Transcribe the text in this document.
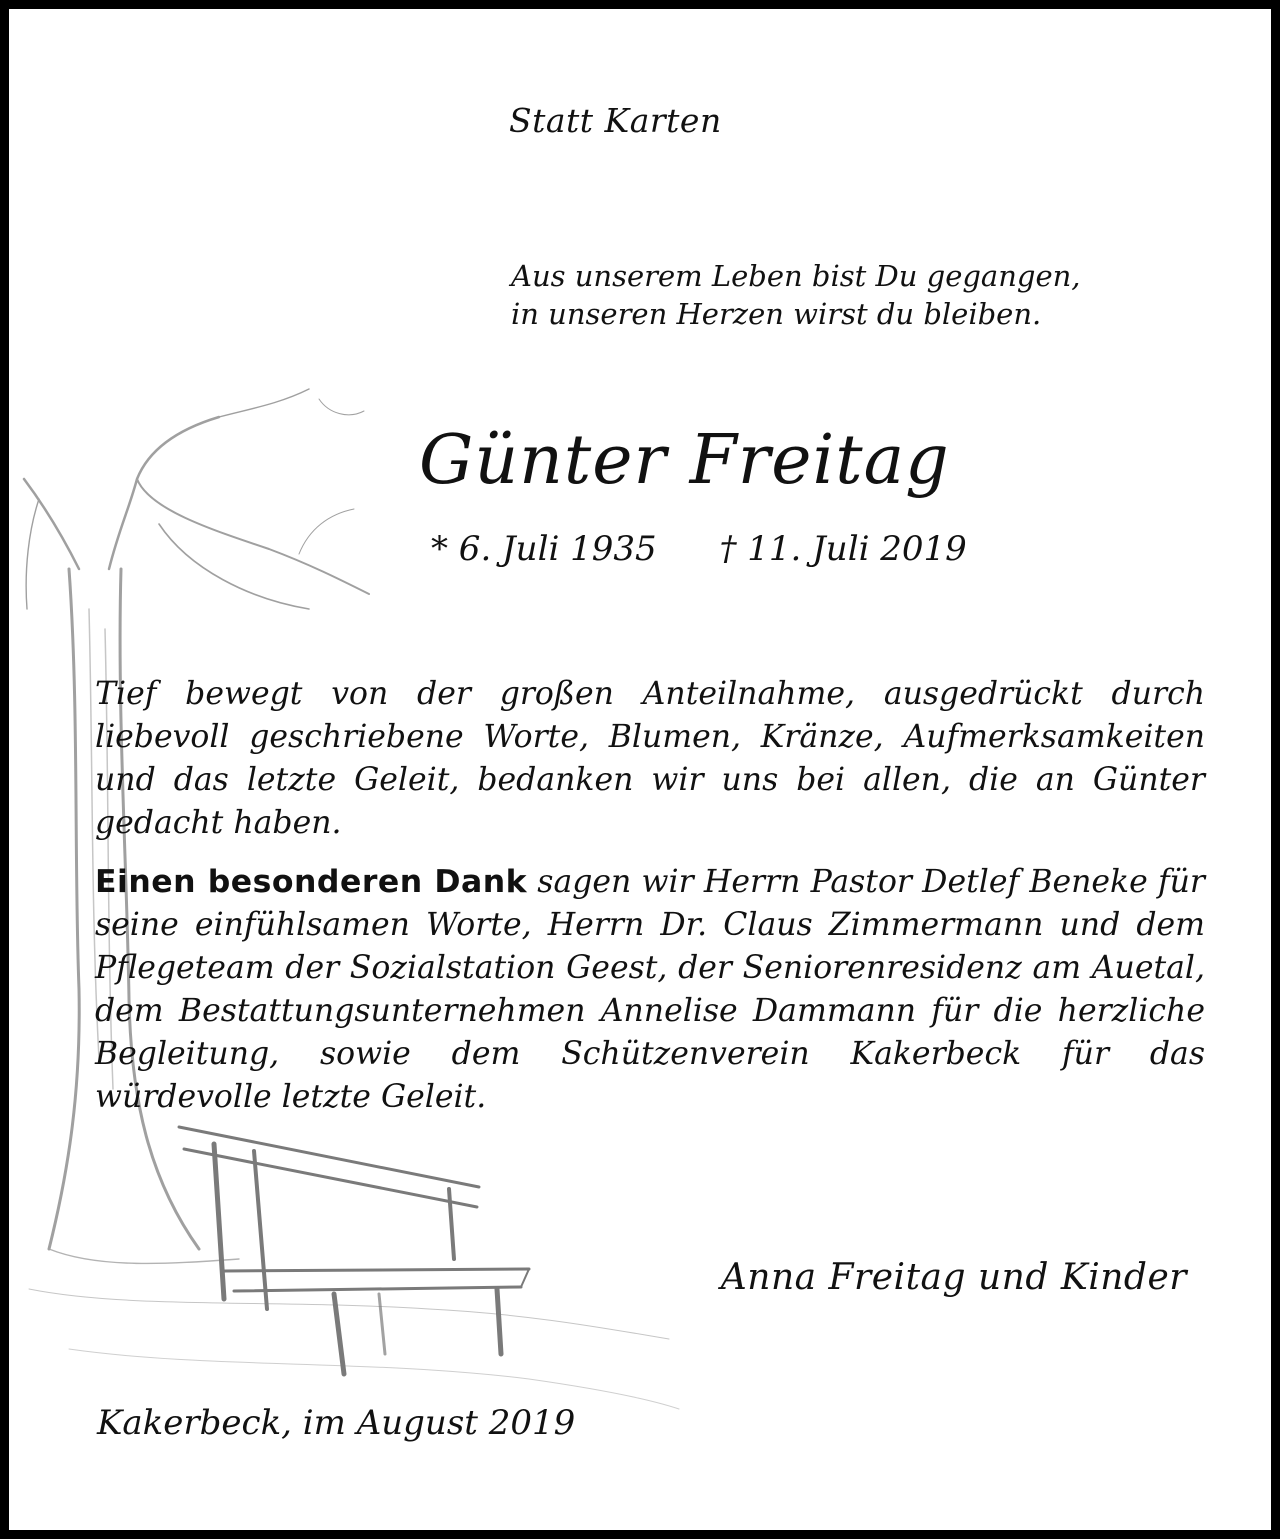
Statt Karten

Aus unserem Leben bist Du gegangen,
in unseren Herzen wirst du bleiben.
Günter Freitag
* 6. Juli 1935 † 11. Juli 2019

Tief bewegt von der großen Anteilnahme, ausgedrückt durch liebevoll geschriebene Worte, Blumen, Kränze, Aufmerksamkeiten und das letzte Geleit, bedanken wir uns bei allen, die an Günter gedacht haben.

Einen besonderen Dank sagen wir Herrn Pastor Detlef Beneke für seine einfühlsamen Worte, Herrn Dr. Claus Zimmermann und dem Pflegeteam der Sozialstation Geest, der Seniorenresidenz am Auetal, dem Bestattungsunternehmen Annelise Dammann für die herzliche Begleitung, sowie dem Schützenverein Kakerbeck für das würdevolle letzte Geleit.

Anna Freitag und Kinder

Kakerbeck, im August 2019
